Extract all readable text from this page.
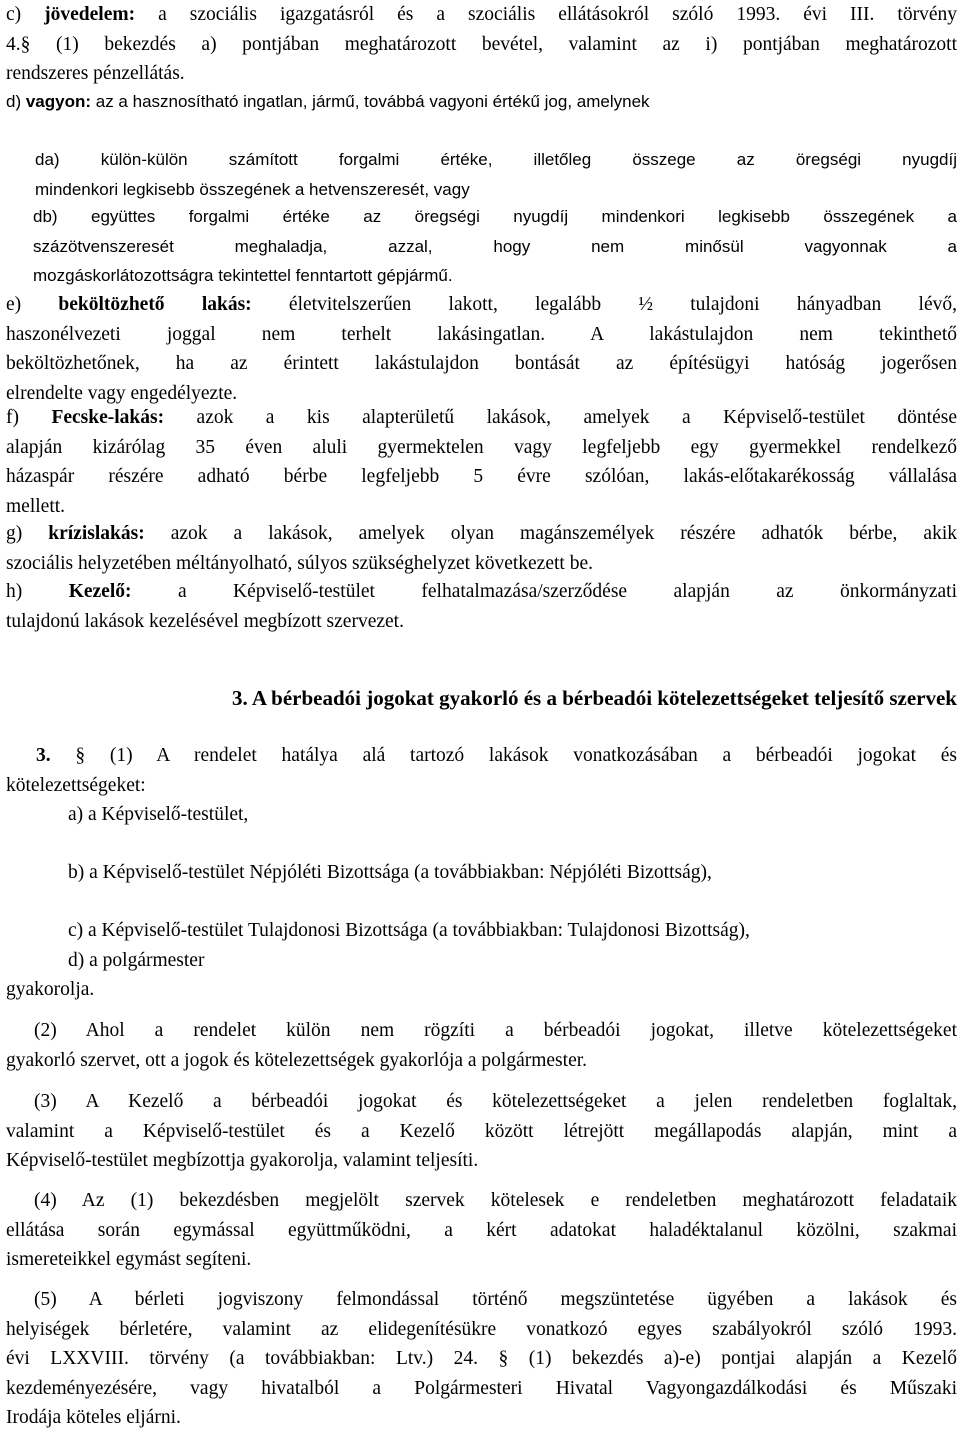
c) jövedelem: a szociális igazgatásról és a szociális ellátásokról szóló 1993. évi III. törvény

4.§ (1) bekezdés a) pontjában meghatározott bevétel, valamint az i) pontjában meghatározott

rendszeres pénzellátás.

d) vagyon: az a hasznosítható ingatlan, jármű, továbbá vagyoni értékű jog, amelynek

da) külön-külön számított forgalmi értéke, illetőleg összege az öregségi nyugdíj

mindenkori legkisebb összegének a hetvenszeresét, vagy

db) együttes forgalmi értéke az öregségi nyugdíj mindenkori legkisebb összegének a

százötvenszeresét meghaladja, azzal, hogy nem minősül vagyonnak a

mozgáskorlátozottságra tekintettel fenntartott gépjármű.

e) beköltözhető lakás: életvitelszerűen lakott, legalább ½ tulajdoni hányadban lévő,

haszonélvezeti joggal nem terhelt lakásingatlan. A lakástulajdon nem tekinthető

beköltözhetőnek, ha az érintett lakástulajdon bontását az építésügyi hatóság jogerősen

elrendelte vagy engedélyezte.

f) Fecske-lakás: azok a kis alapterületű lakások, amelyek a Képviselő-testület döntése

alapján kizárólag 35 éven aluli gyermektelen vagy legfeljebb egy gyermekkel rendelkező

házaspár részére adható bérbe legfeljebb 5 évre szólóan, lakás-előtakarékosság vállalása

mellett.

g) krízislakás: azok a lakások, amelyek olyan magánszemélyek részére adhatók bérbe, akik

szociális helyzetében méltányolható, súlyos szükséghelyzet következett be.

h) Kezelő: a Képviselő-testület felhatalmazása/szerződése alapján az önkormányzati

tulajdonú lakások kezelésével megbízott szervezet.

3. A bérbeadói jogokat gyakorló és a bérbeadói kötelezettségeket teljesítő szervek

3. § (1) A rendelet hatálya alá tartozó lakások vonatkozásában a bérbeadói jogokat és

kötelezettségeket:

a) a Képviselő-testület,

b) a Képviselő-testület Népjóléti Bizottsága (a továbbiakban: Népjóléti Bizottság),

c) a Képviselő-testület Tulajdonosi Bizottsága (a továbbiakban: Tulajdonosi Bizottság),

d) a polgármester

gyakorolja.

(2) Ahol a rendelet külön nem rögzíti a bérbeadói jogokat, illetve kötelezettségeket

gyakorló szervet, ott a jogok és kötelezettségek gyakorlója a polgármester.

(3) A Kezelő a bérbeadói jogokat és kötelezettségeket a jelen rendeletben foglaltak,

valamint a Képviselő-testület és a Kezelő között létrejött megállapodás alapján, mint a

Képviselő-testület megbízottja gyakorolja, valamint teljesíti.

(4) Az (1) bekezdésben megjelölt szervek kötelesek e rendeletben meghatározott feladataik

ellátása során egymással együttműködni, a kért adatokat haladéktalanul közölni, szakmai

ismereteikkel egymást segíteni.

(5) A bérleti jogviszony felmondással történő megszüntetése ügyében a lakások és

helyiségek bérletére, valamint az elidegenítésükre vonatkozó egyes szabályokról szóló 1993.

évi LXXVIII. törvény (a továbbiakban: Ltv.) 24. § (1) bekezdés a)-e) pontjai alapján a Kezelő

kezdeményezésére, vagy hivatalból a Polgármesteri Hivatal Vagyongazdálkodási és Műszaki

Irodája köteles eljárni.
